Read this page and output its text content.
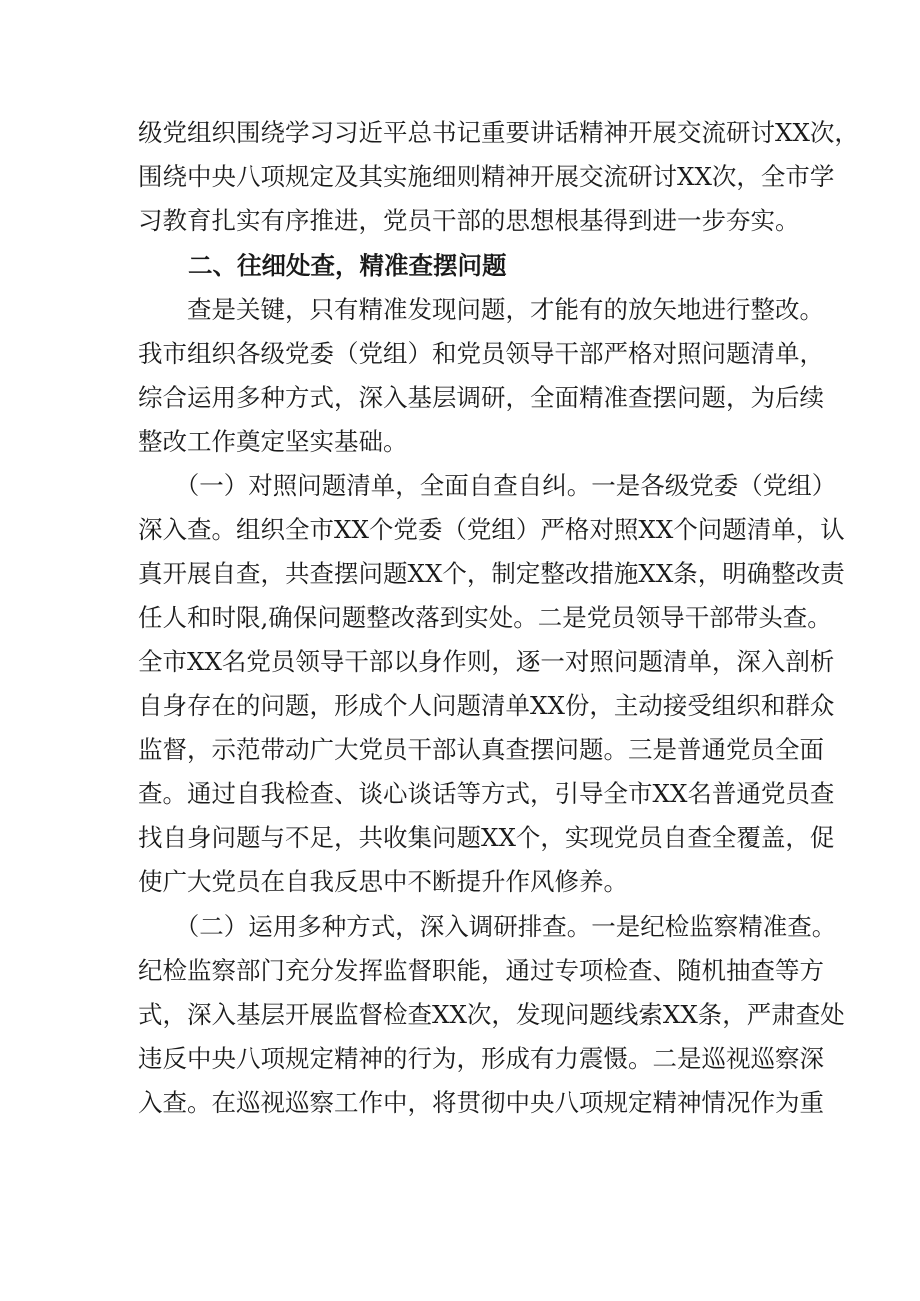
级党组织围绕学习习近平总书记重要讲话精神开展交流研讨XX次，
围绕中央八项规定及其实施细则精神开展交流研讨XX次，全市学
习教育扎实有序推进，党员干部的思想根基得到进一步夯实。
二、往细处查，精准查摆问题
　　查是关键，只有精准发现问题，才能有的放矢地进行整改。
我市组织各级党委（党组）和党员领导干部严格对照问题清单，
综合运用多种方式，深入基层调研，全面精准查摆问题，为后续
整改工作奠定坚实基础。
　　（一）对照问题清单，全面自查自纠。一是各级党委（党组）
深入查。组织全市XX个党委（党组）严格对照XX个问题清单，认
真开展自查，共查摆问题XX个，制定整改措施XX条，明确整改责
任人和时限,确保问题整改落到实处。二是党员领导干部带头查。
全市XX名党员领导干部以身作则，逐一对照问题清单，深入剖析
自身存在的问题，形成个人问题清单XX份，主动接受组织和群众
监督，示范带动广大党员干部认真查摆问题。三是普通党员全面
查。通过自我检查、谈心谈话等方式，引导全市XX名普通党员查
找自身问题与不足，共收集问题XX个，实现党员自查全覆盖，促
使广大党员在自我反思中不断提升作风修养。
　　（二）运用多种方式，深入调研排查。一是纪检监察精准查。
纪检监察部门充分发挥监督职能，通过专项检查、随机抽查等方
式，深入基层开展监督检查XX次，发现问题线索XX条，严肃查处
违反中央八项规定精神的行为，形成有力震慑。二是巡视巡察深
入查。在巡视巡察工作中，将贯彻中央八项规定精神情况作为重
